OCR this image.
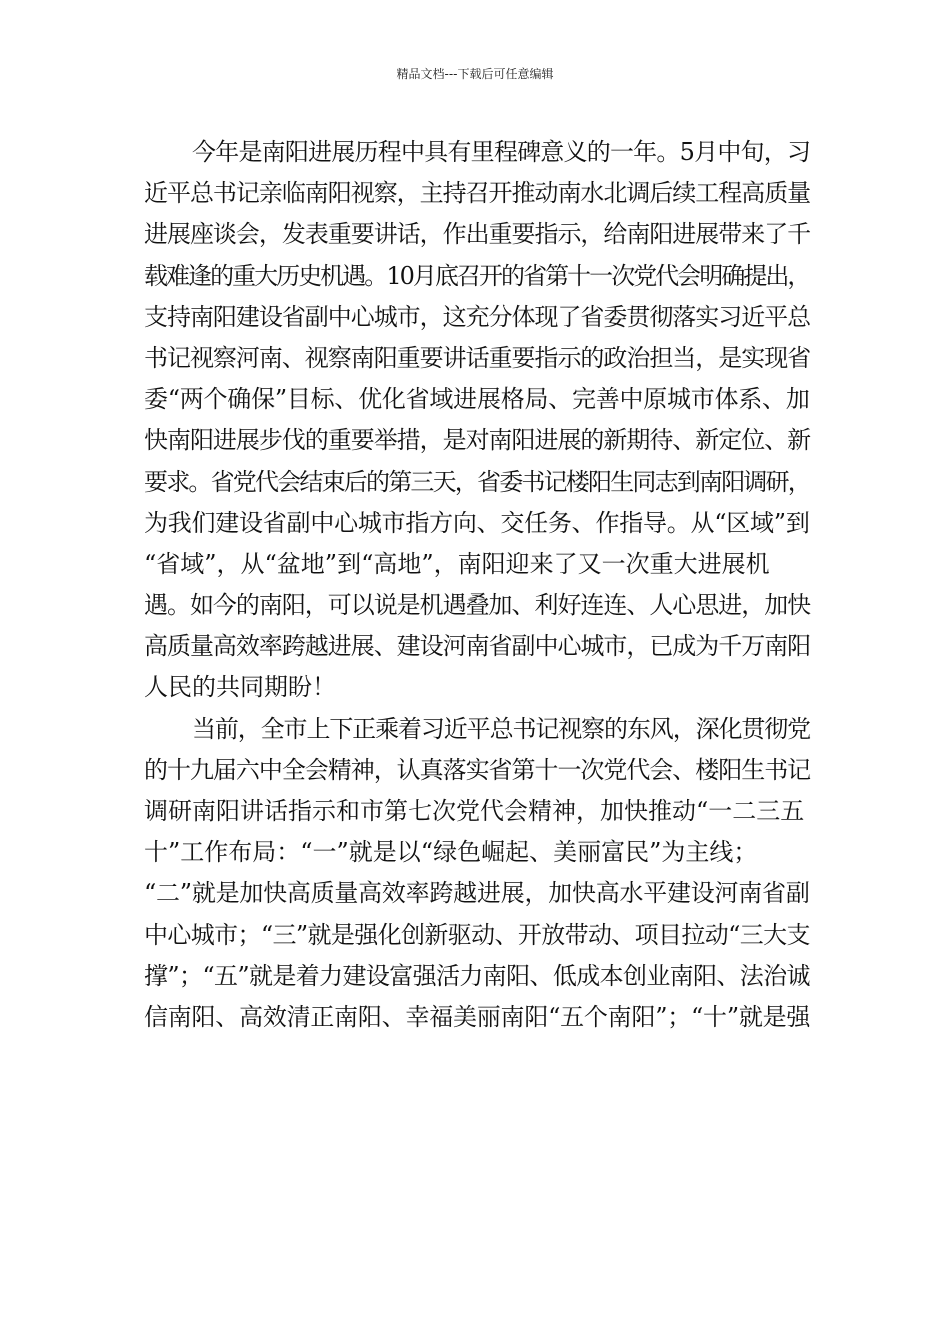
精品文档---下载后可任意编辑
今年是南阳进展历程中具有里程碑意义的一年。5月中旬，习
近平总书记亲临南阳视察，主持召开推动南水北调后续工程高质量
进展座谈会，发表重要讲话，作出重要指示，给南阳进展带来了千
载难逢的重大历史机遇。10月底召开的省第十一次党代会明确提出，
支持南阳建设省副中心城市，这充分体现了省委贯彻落实习近平总
书记视察河南、视察南阳重要讲话重要指示的政治担当，是实现省
委“两个确保”目标、优化省域进展格局、完善中原城市体系、加
快南阳进展步伐的重要举措，是对南阳进展的新期待、新定位、新
要求。省党代会结束后的第三天，省委书记楼阳生同志到南阳调研，
为我们建设省副中心城市指方向、交任务、作指导。从“区域”到
“省域”，从“盆地”到“高地”，南阳迎来了又一次重大进展机
遇。如今的南阳，可以说是机遇叠加、利好连连、人心思进，加快
高质量高效率跨越进展、建设河南省副中心城市，已成为千万南阳
人民的共同期盼！
当前，全市上下正乘着习近平总书记视察的东风，深化贯彻党
的十九届六中全会精神，认真落实省第十一次党代会、楼阳生书记
调研南阳讲话指示和市第七次党代会精神，加快推动“一二三五
十”工作布局：“一”就是以“绿色崛起、美丽富民”为主线；
“二”就是加快高质量高效率跨越进展，加快高水平建设河南省副
中心城市；“三”就是强化创新驱动、开放带动、项目拉动“三大支
撑”；“五”就是着力建设富强活力南阳、低成本创业南阳、法治诚
信南阳、高效清正南阳、幸福美丽南阳“五个南阳”；“十”就是强
